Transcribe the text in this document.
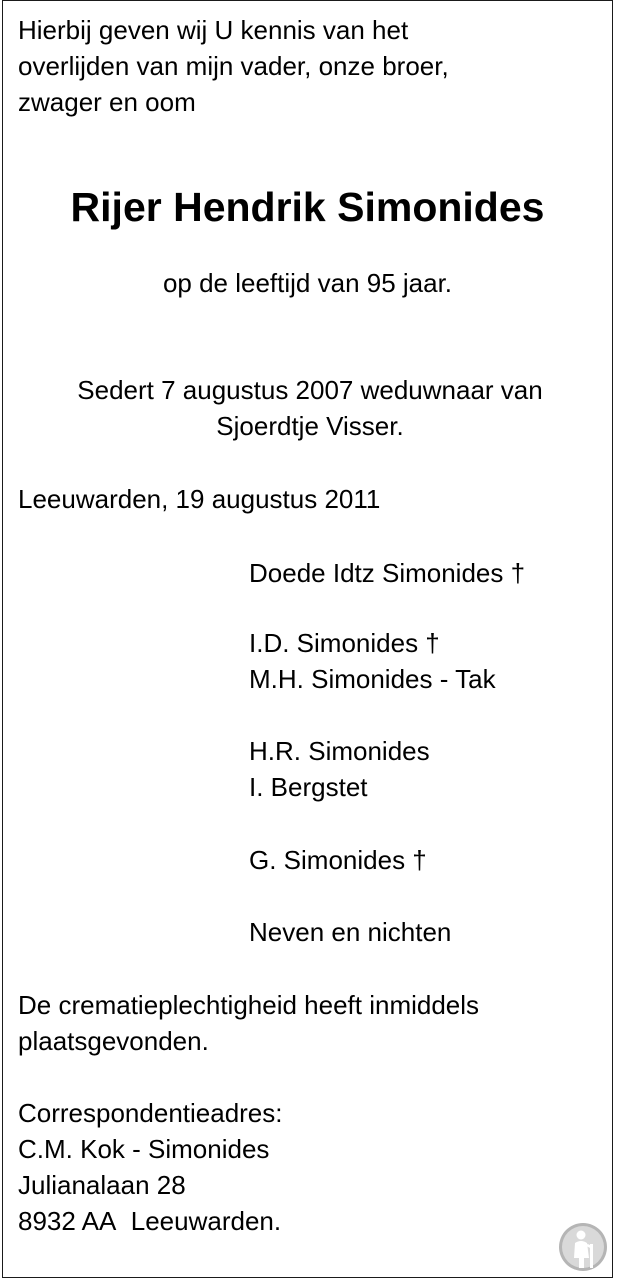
Hierbij geven wij U kennis van het
overlijden van mijn vader, onze broer,
zwager en oom
Rijer Hendrik Simonides
op de leeftijd van 95 jaar.
Sedert 7 augustus 2007 weduwnaar van
Sjoerdtje Visser.
Leeuwarden, 19 augustus 2011
Doede Idtz Simonides †
I.D. Simonides †
M.H. Simonides - Tak
H.R. Simonides
I. Bergstet
G. Simonides †
Neven en nichten
De crematieplechtigheid heeft inmiddels
plaatsgevonden.
Correspondentieadres:
C.M. Kok - Simonides
Julianalaan 28
8932 AA  Leeuwarden.
